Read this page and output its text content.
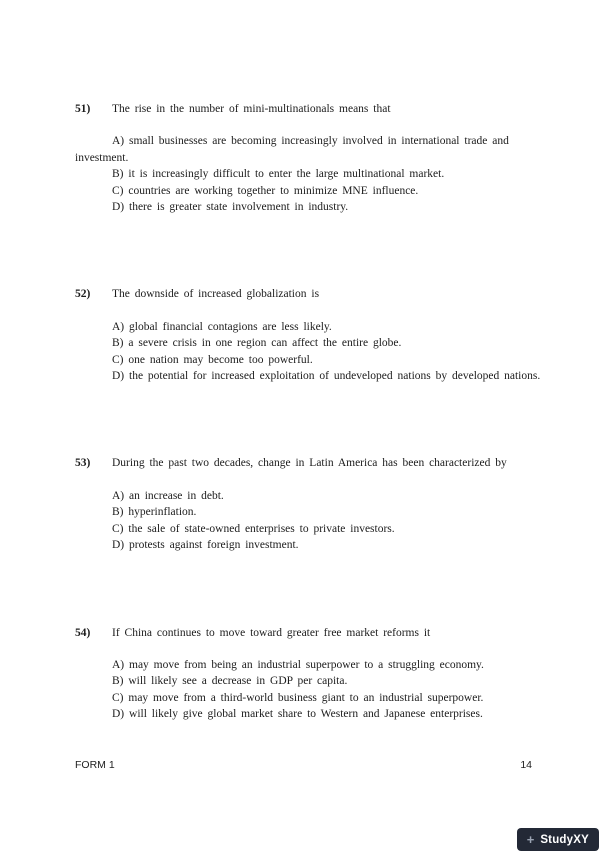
51)	The rise in the number of mini-multinationals means that

A) small businesses are becoming increasingly involved in international trade and investment.

B) it is increasingly difficult to enter the large multinational market.

C) countries are working together to minimize MNE influence.

D) there is greater state involvement in industry.

52)	The downside of increased globalization is

A) global financial contagions are less likely.

B) a severe crisis in one region can affect the entire globe.

C) one nation may become too powerful.

D) the potential for increased exploitation of undeveloped nations by developed nations.

53)	During the past two decades, change in Latin America has been characterized by

A) an increase in debt.

B) hyperinflation.

C) the sale of state-owned enterprises to private investors.

D) protests against foreign investment.

54)	If China continues to move toward greater free market reforms it

A) may move from being an industrial superpower to a struggling economy.

B) will likely see a decrease in GDP per capita.

C) may move from a third-world business giant to an industrial superpower.

D) will likely give global market share to Western and Japanese enterprises.

FORM 1	14
+ StudyXY
